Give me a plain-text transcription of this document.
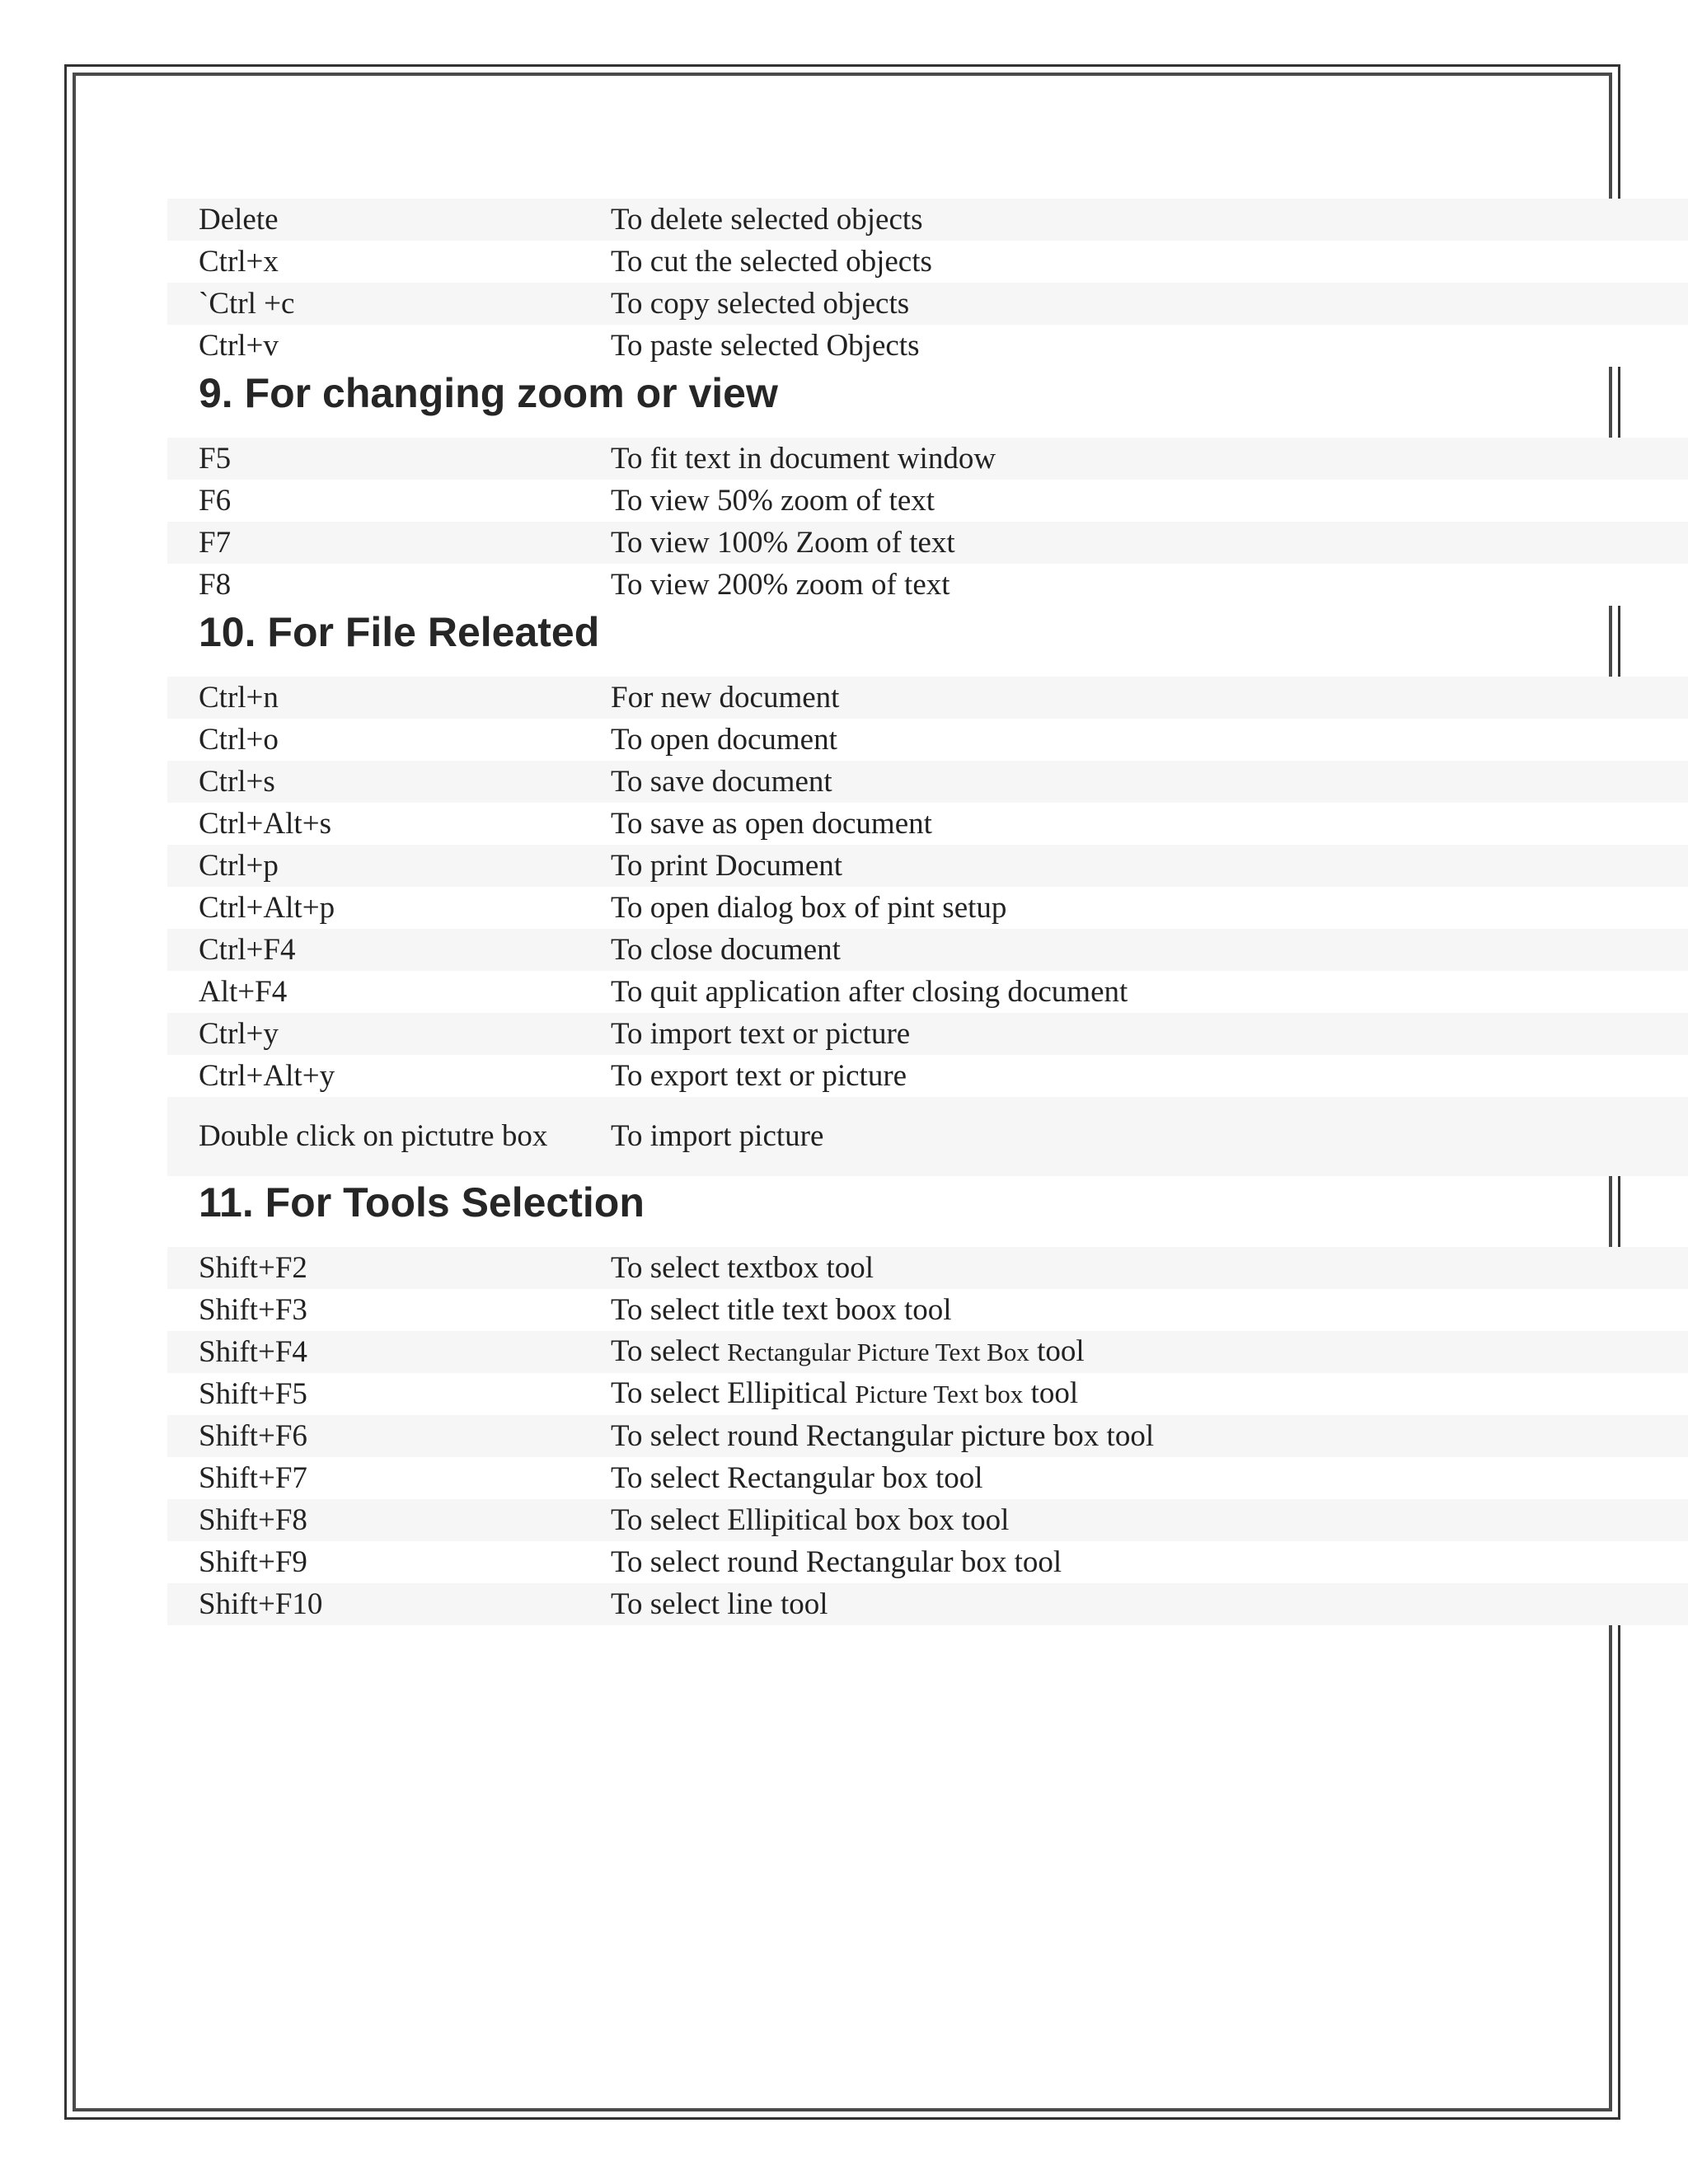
Delete	To delete selected objects
Ctrl+x	To cut the selected objects
`Ctrl +c	To copy selected objects
Ctrl+v	To paste selected Objects
9. For changing zoom or view
F5	To fit text in document window
F6	To view 50% zoom of text
F7	To view 100% Zoom of text
F8	To view 200% zoom of text
10. For File Releated
Ctrl+n	For new document
Ctrl+o	To open document
Ctrl+s	To save document
Ctrl+Alt+s	To save as open document
Ctrl+p	To print Document
Ctrl+Alt+p	To open dialog box of pint setup
Ctrl+F4	To close document
Alt+F4	To quit application after closing document
Ctrl+y	To import text or picture
Ctrl+Alt+y	To export text or picture
Double click on pictutre box	To import picture
11. For Tools Selection
Shift+F2	To select textbox tool
Shift+F3	To select title text boox tool
Shift+F4	To select Rectangular Picture Text Box tool
Shift+F5	To select Ellipitical Picture Text box tool
Shift+F6	To select round Rectangular picture box tool
Shift+F7	To select Rectangular box tool
Shift+F8	To select Ellipitical box box tool
Shift+F9	To select round Rectangular box tool
Shift+F10	To select line tool
